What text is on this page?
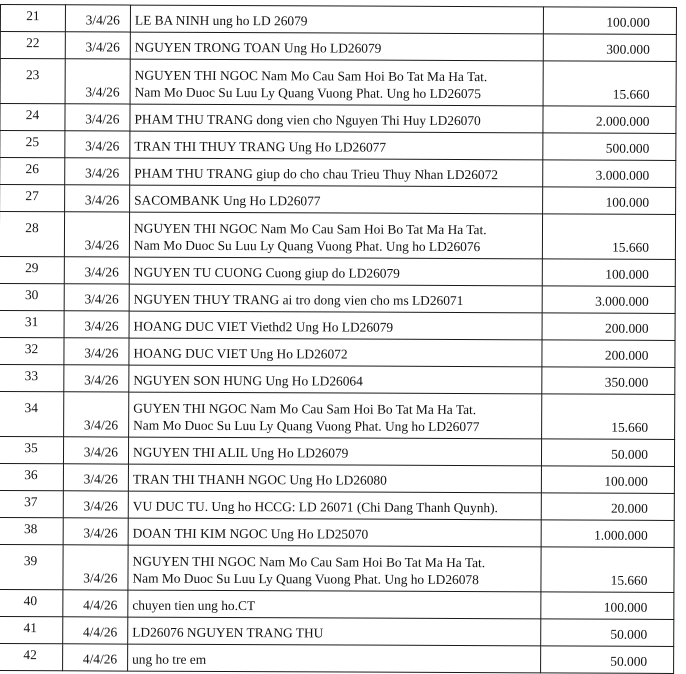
21	3/4/26	LE BA NINH ung ho LD 26079	100.000
22	3/4/26	NGUYEN TRONG TOAN Ung Ho LD26079	300.000
23	3/4/26	NGUYEN THI NGOC Nam Mo Cau Sam Hoi Bo Tat Ma Ha Tat.
Nam Mo Duoc Su Luu Ly Quang Vuong Phat. Ung ho LD26075	15.660
24	3/4/26	PHAM THU TRANG dong vien cho Nguyen Thi Huy LD26070	2.000.000
25	3/4/26	TRAN THI THUY TRANG Ung Ho LD26077	500.000
26	3/4/26	PHAM THU TRANG giup do cho chau Trieu Thuy Nhan LD26072	3.000.000
27	3/4/26	SACOMBANK Ung Ho LD26077	100.000
28	3/4/26	NGUYEN THI NGOC Nam Mo Cau Sam Hoi Bo Tat Ma Ha Tat.
Nam Mo Duoc Su Luu Ly Quang Vuong Phat. Ung ho LD26076	15.660
29	3/4/26	NGUYEN TU CUONG Cuong giup do LD26079	100.000
30	3/4/26	NGUYEN THUY TRANG ai tro dong vien cho ms LD26071	3.000.000
31	3/4/26	HOANG DUC VIET Viethd2 Ung Ho LD26079	200.000
32	3/4/26	HOANG DUC VIET Ung Ho LD26072	200.000
33	3/4/26	NGUYEN SON HUNG Ung Ho LD26064	350.000
34	3/4/26	GUYEN THI NGOC Nam Mo Cau Sam Hoi Bo Tat Ma Ha Tat.
Nam Mo Duoc Su Luu Ly Quang Vuong Phat. Ung ho LD26077	15.660
35	3/4/26	NGUYEN THI ALIL Ung Ho LD26079	50.000
36	3/4/26	TRAN THI THANH NGOC Ung Ho LD26080	100.000
37	3/4/26	VU DUC TU. Ung ho HCCG: LD 26071 (Chi Dang Thanh Quynh).	20.000
38	3/4/26	DOAN THI KIM NGOC Ung Ho LD25070	1.000.000
39	3/4/26	NGUYEN THI NGOC Nam Mo Cau Sam Hoi Bo Tat Ma Ha Tat.
Nam Mo Duoc Su Luu Ly Quang Vuong Phat. Ung ho LD26078	15.660
40	4/4/26	chuyen tien ung ho.CT	100.000
41	4/4/26	LD26076 NGUYEN TRANG THU	50.000
42	4/4/26	ung ho tre em	50.000
